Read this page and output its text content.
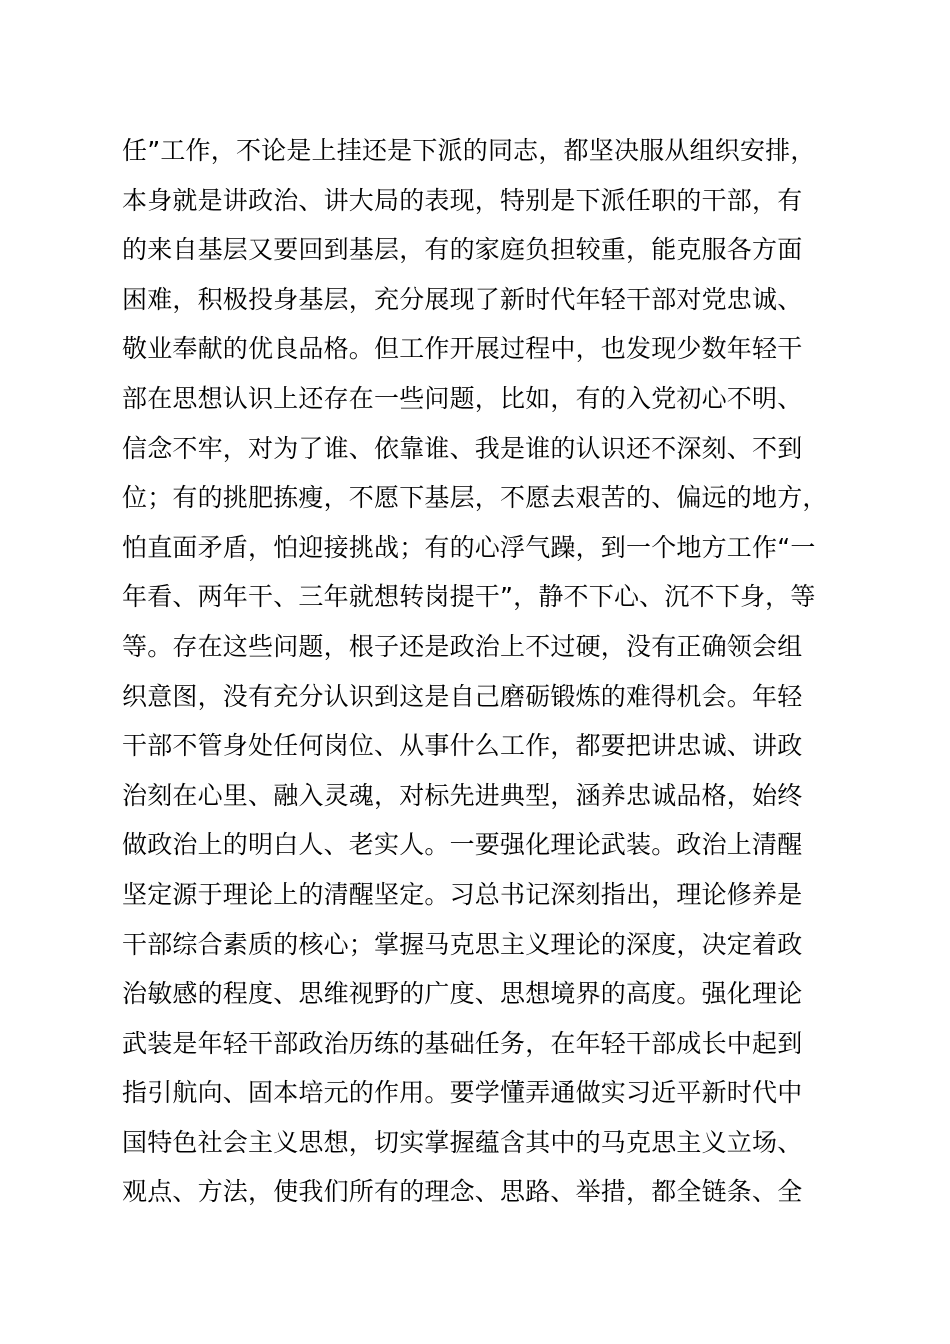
任”工作，不论是上挂还是下派的同志，都坚决服从组织安排，
本身就是讲政治、讲大局的表现，特别是下派任职的干部，有
的来自基层又要回到基层，有的家庭负担较重，能克服各方面
困难，积极投身基层，充分展现了新时代年轻干部对党忠诚、
敬业奉献的优良品格。但工作开展过程中，也发现少数年轻干
部在思想认识上还存在一些问题，比如，有的入党初心不明、
信念不牢，对为了谁、依靠谁、我是谁的认识还不深刻、不到
位；有的挑肥拣瘦，不愿下基层，不愿去艰苦的、偏远的地方，
怕直面矛盾，怕迎接挑战；有的心浮气躁，到一个地方工作“一
年看、两年干、三年就想转岗提干”，静不下心、沉不下身，等
等。存在这些问题，根子还是政治上不过硬，没有正确领会组
织意图，没有充分认识到这是自己磨砺锻炼的难得机会。年轻
干部不管身处任何岗位、从事什么工作，都要把讲忠诚、讲政
治刻在心里、融入灵魂，对标先进典型，涵养忠诚品格，始终
做政治上的明白人、老实人。一要强化理论武装。政治上清醒
坚定源于理论上的清醒坚定。习总书记深刻指出，理论修养是
干部综合素质的核心；掌握马克思主义理论的深度，决定着政
治敏感的程度、思维视野的广度、思想境界的高度。强化理论
武装是年轻干部政治历练的基础任务，在年轻干部成长中起到
指引航向、固本培元的作用。要学懂弄通做实习近平新时代中
国特色社会主义思想，切实掌握蕴含其中的马克思主义立场、
观点、方法，使我们所有的理念、思路、举措，都全链条、全
